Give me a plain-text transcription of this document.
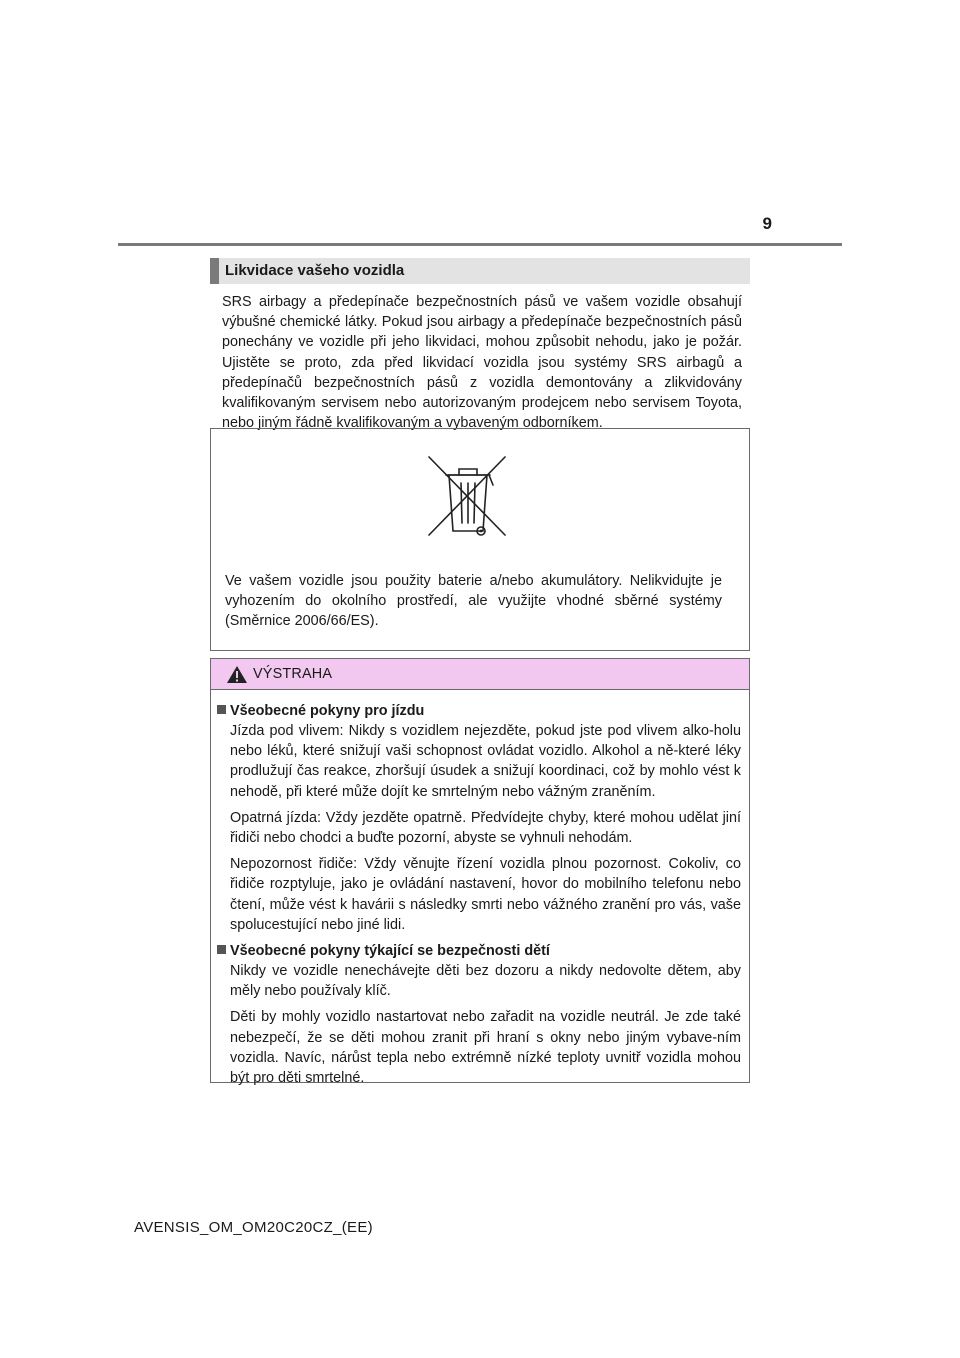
9
Likvidace vašeho vozidla

SRS airbagy a předepínače bezpečnostních pásů ve vašem vozidle obsahují výbušné chemické látky. Pokud jsou airbagy a předepínače bezpečnostních pásů ponechány ve vozidle při jeho likvidaci, mohou způsobit nehodu, jako je požár. Ujistěte se proto, zda před likvidací vozidla jsou systémy SRS airbagů a předepínačů bezpečnostních pásů z vozidla demontovány a zlikvidovány kvalifikovaným servisem nebo autorizovaným prodejcem nebo servisem Toyota, nebo jiným řádně kvalifikovaným a vybaveným odborníkem.

Ve vašem vozidle jsou použity baterie a/nebo akumulátory. Nelikvidujte je vyhozením do okolního prostředí, ale využijte vhodné sběrné systémy (Směrnice 2006/66/ES).

VÝSTRAHA

Všeobecné pokyny pro jízdu

Jízda pod vlivem: Nikdy s vozidlem nejezděte, pokud jste pod vlivem alko-holu nebo léků, které snižují vaši schopnost ovládat vozidlo. Alkohol a ně-které léky prodlužují čas reakce, zhoršují úsudek a snižují koordinaci, což by mohlo vést k nehodě, při které může dojít ke smrtelným nebo vážným zraněním.

Opatrná jízda: Vždy jezděte opatrně. Předvídejte chyby, které mohou udělat jiní řidiči nebo chodci a buďte pozorní, abyste se vyhnuli nehodám.

Nepozornost řidiče: Vždy věnujte řízení vozidla plnou pozornost. Cokoliv, co řidiče rozptyluje, jako je ovládání nastavení, hovor do mobilního telefonu nebo čtení, může vést k havárii s následky smrti nebo vážného zranění pro vás, vaše spolucestující nebo jiné lidi.

Všeobecné pokyny týkající se bezpečnosti dětí

Nikdy ve vozidle nenechávejte děti bez dozoru a nikdy nedovolte dětem, aby měly nebo používaly klíč.

Děti by mohly vozidlo nastartovat nebo zařadit na vozidle neutrál. Je zde také nebezpečí, že se děti mohou zranit při hraní s okny nebo jiným vybave-ním vozidla. Navíc, nárůst tepla nebo extrémně nízké teploty uvnitř vozidla mohou být pro děti smrtelné.

AVENSIS_OM_OM20C20CZ_(EE)
